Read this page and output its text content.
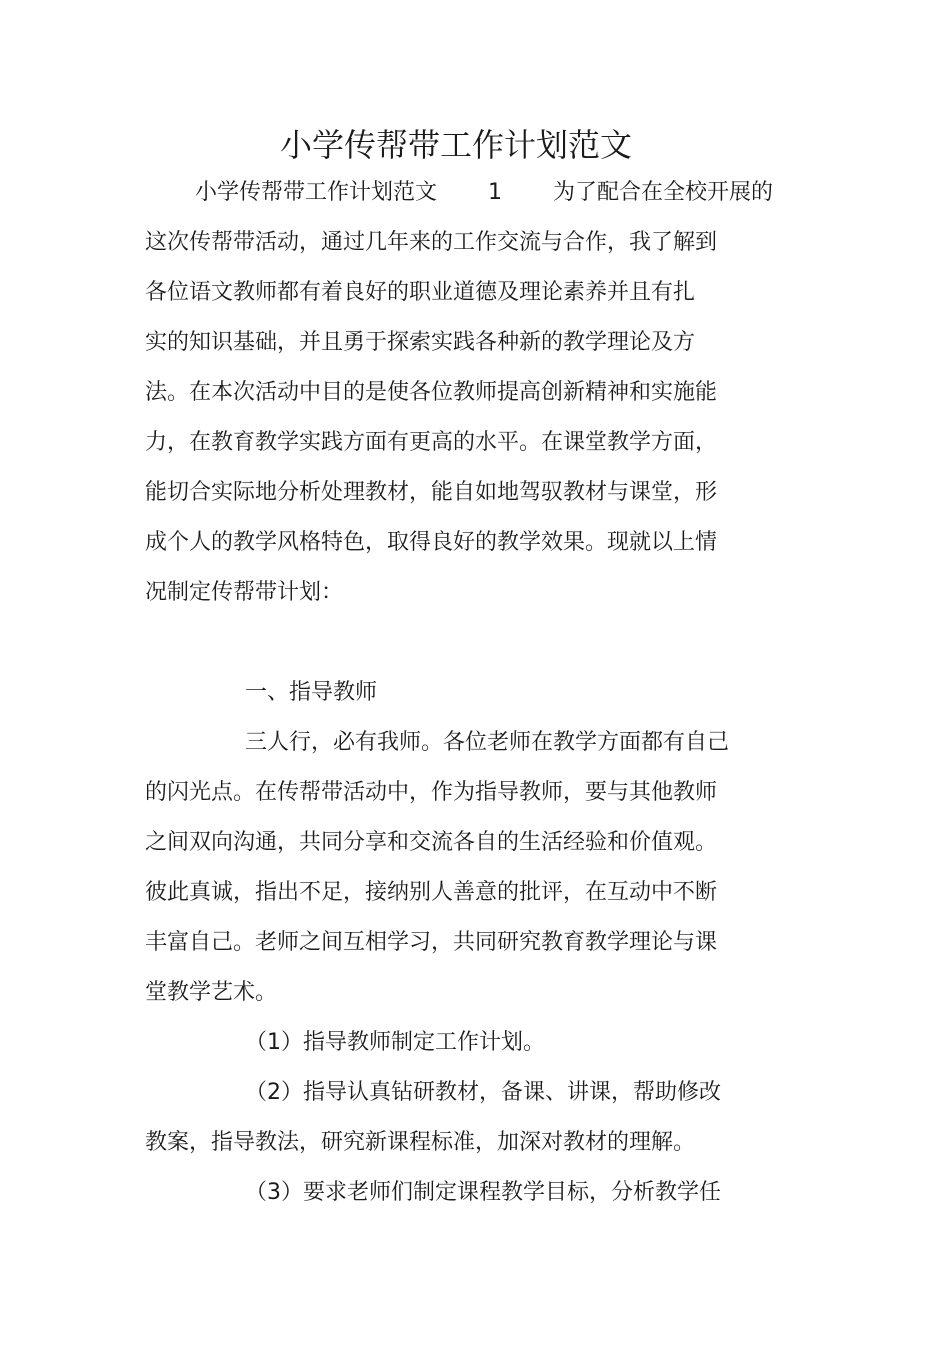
小学传帮带工作计划范文
小学传帮带工作计划范文 1 为了配合在全校开展的
这次传帮带活动，通过几年来的工作交流与合作，我了解到
各位语文教师都有着良好的职业道德及理论素养并且有扎
实的知识基础，并且勇于探索实践各种新的教学理论及方
法。在本次活动中目的是使各位教师提高创新精神和实施能
力，在教育教学实践方面有更高的水平。在课堂教学方面，
能切合实际地分析处理教材，能自如地驾驭教材与课堂，形
成个人的教学风格特色，取得良好的教学效果。现就以上情
况制定传帮带计划：
一、指导教师
三人行，必有我师。各位老师在教学方面都有自己
的闪光点。在传帮带活动中，作为指导教师，要与其他教师
之间双向沟通，共同分享和交流各自的生活经验和价值观。
彼此真诚，指出不足，接纳别人善意的批评，在互动中不断
丰富自己。老师之间互相学习，共同研究教育教学理论与课
堂教学艺术。
（1）指导教师制定工作计划。
（2）指导认真钻研教材，备课、讲课，帮助修改
教案，指导教法，研究新课程标准，加深对教材的理解。
（3）要求老师们制定课程教学目标，分析教学任
